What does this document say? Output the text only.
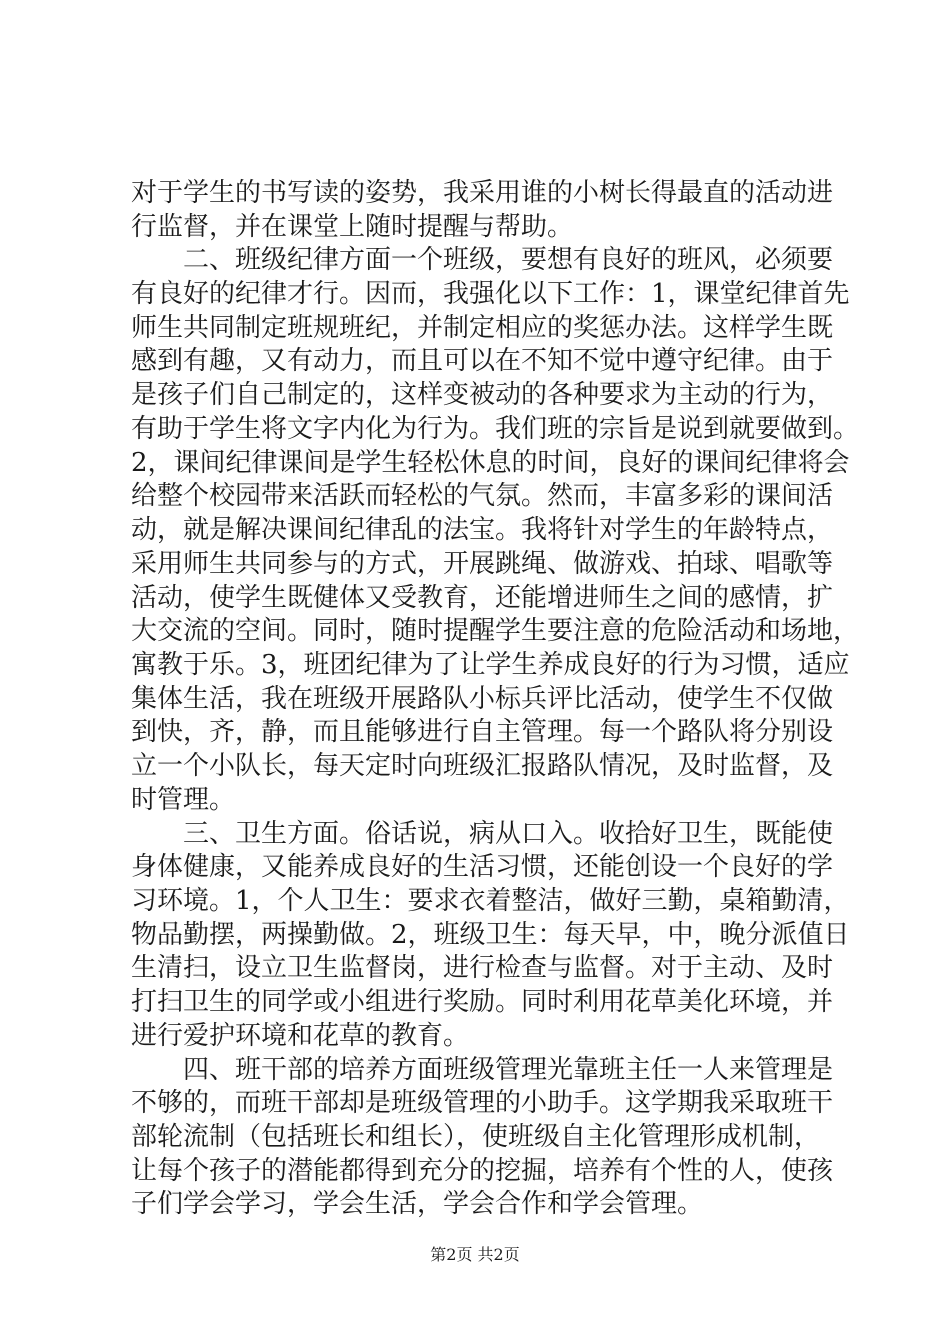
对于学生的书写读的姿势，我采用谁的小树长得最直的活动进
行监督，并在课堂上随时提醒与帮助。
二、班级纪律方面一个班级，要想有良好的班风，必须要
有良好的纪律才行。因而，我强化以下工作：1，课堂纪律首先
师生共同制定班规班纪，并制定相应的奖惩办法。这样学生既
感到有趣，又有动力，而且可以在不知不觉中遵守纪律。由于
是孩子们自己制定的，这样变被动的各种要求为主动的行为，
有助于学生将文字内化为行为。我们班的宗旨是说到就要做到。
2，课间纪律课间是学生轻松休息的时间，良好的课间纪律将会
给整个校园带来活跃而轻松的气氛。然而，丰富多彩的课间活
动，就是解决课间纪律乱的法宝。我将针对学生的年龄特点，
采用师生共同参与的方式，开展跳绳、做游戏、拍球、唱歌等
活动，使学生既健体又受教育，还能增进师生之间的感情，扩
大交流的空间。同时，随时提醒学生要注意的危险活动和场地，
寓教于乐。3，班团纪律为了让学生养成良好的行为习惯，适应
集体生活，我在班级开展路队小标兵评比活动，使学生不仅做
到快，齐，静，而且能够进行自主管理。每一个路队将分别设
立一个小队长，每天定时向班级汇报路队情况，及时监督，及
时管理。
三、卫生方面。俗话说，病从口入。收拾好卫生，既能使
身体健康，又能养成良好的生活习惯，还能创设一个良好的学
习环境。1，个人卫生：要求衣着整洁，做好三勤，桌箱勤清，
物品勤摆，两操勤做。2，班级卫生：每天早，中，晚分派值日
生清扫，设立卫生监督岗，进行检查与监督。对于主动、及时
打扫卫生的同学或小组进行奖励。同时利用花草美化环境，并
进行爱护环境和花草的教育。
四、班干部的培养方面班级管理光靠班主任一人来管理是
不够的，而班干部却是班级管理的小助手。这学期我采取班干
部轮流制（包括班长和组长），使班级自主化管理形成机制，
让每个孩子的潜能都得到充分的挖掘，培养有个性的人，使孩
子们学会学习，学会生活，学会合作和学会管理。
第2页 共2页
